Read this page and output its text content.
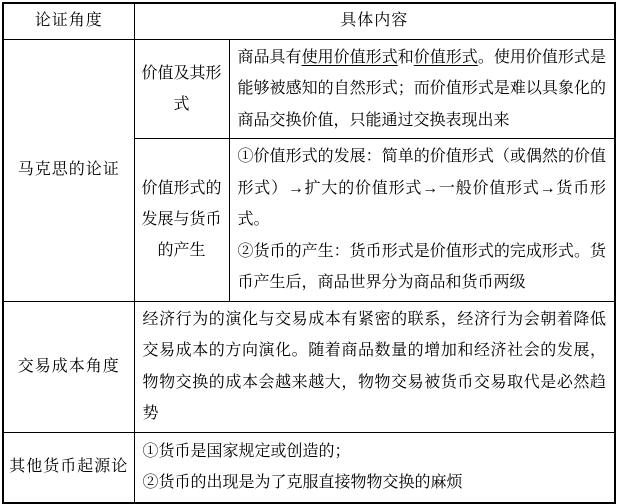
论证角度	具体内容	
马克思的论证	价值及其形式	商品具有使用价值形式和价值形式。使用价值形式是能够被感知的自然形式；而价值形式是难以具象化的商品交换价值，只能通过交换表现出来
	价值形式的发展与货币的产生	①价值形式的发展：简单的价值形式（或偶然的价值形式）→扩大的价值形式→一般价值形式→货币形式。
②货币的产生：货币形式是价值形式的完成形式。货币产生后，商品世界分为商品和货币两级

交易成本角度	经济行为的演化与交易成本有紧密的联系，经济行为会朝着降低交易成本的方向演化。随着商品数量的增加和经济社会的发展，物物交换的成本会越来越大，物物交易被货币交易取代是必然趋势	
其他货币起源论	①货币是国家规定或创造的；
②货币的出现是为了克服直接物物交换的麻烦	
